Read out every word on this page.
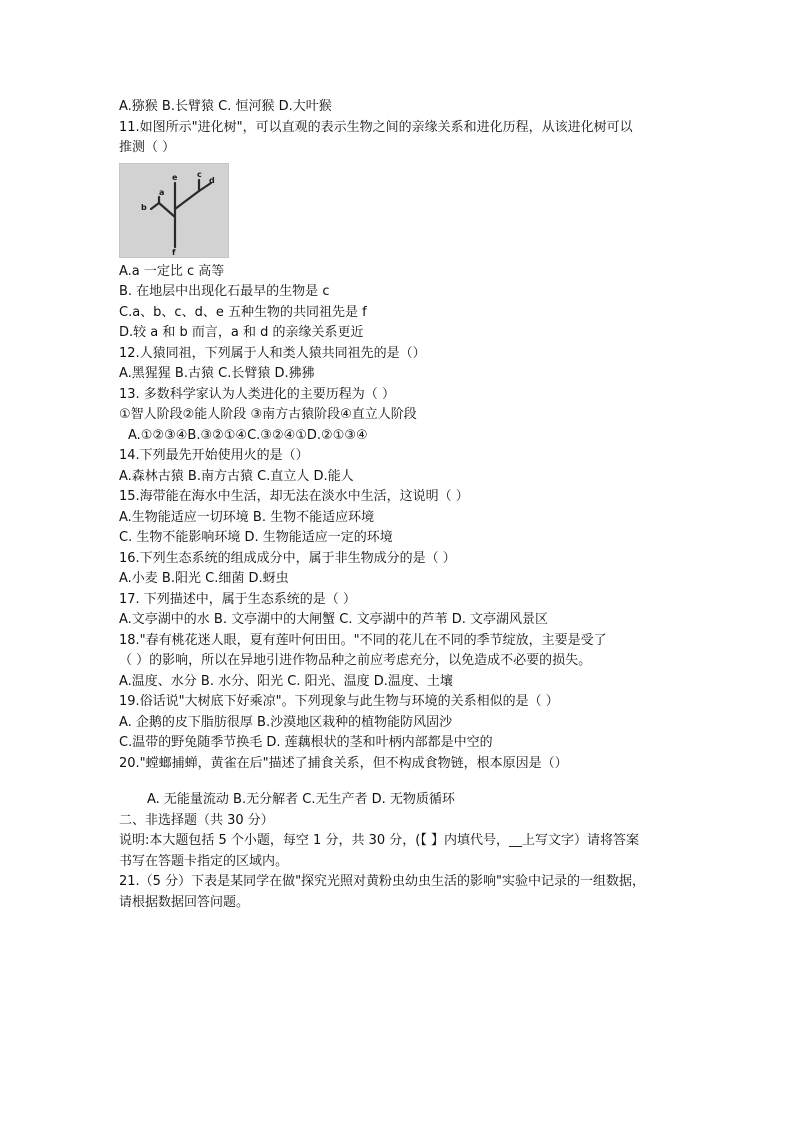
A.猕猴 B.长臂猿 C. 恒河猴 D.大叶猴

11.如图所示"进化树"，可以直观的表示生物之间的亲缘关系和进化历程，从该进化树可以

推测（ ）

a
b
c
d
e
f

A.a 一定比 c 高等

B. 在地层中出现化石最早的生物是 c

C.a、b、c、d、e 五种生物的共同祖先是 f

D.较 a 和 b 而言，a 和 d 的亲缘关系更近

12.人猿同祖，下列属于人和类人猿共同祖先的是（）

A.黑猩猩 B.古猿 C.长臂猿 D.狒狒

13. 多数科学家认为人类进化的主要历程为（ ）

①智人阶段②能人阶段 ③南方古猿阶段④直立人阶段

A.①②③④B.③②①④C.③②④①D.②①③④

14.下列最先开始使用火的是（）

A.森林古猿 B.南方古猿 C.直立人 D.能人

15.海带能在海水中生活，却无法在淡水中生活，这说明（ ）

A.生物能适应一切环境 B. 生物不能适应环境

C. 生物不能影响环境 D. 生物能适应一定的环境

16.下列生态系统的组成成分中，属于非生物成分的是（ ）

A.小麦 B.阳光 C.细菌 D.蚜虫

17. 下列描述中，属于生态系统的是（ ）

A.文亭湖中的水 B. 文亭湖中的大闸蟹 C. 文亭湖中的芦苇 D. 文亭湖风景区

18."春有桃花迷人眼，夏有莲叶何田田。"不同的花儿在不同的季节绽放，主要是受了

（ ）的影响，所以在异地引进作物品种之前应考虑充分，以免造成不必要的损失。

A.温度、水分 B. 水分、阳光 C. 阳光、温度 D.温度、土壤

19.俗话说"大树底下好乘凉"。下列现象与此生物与环境的关系相似的是（ ）

A. 企鹅的皮下脂肪很厚 B.沙漠地区栽种的植物能防风固沙

C.温带的野兔随季节换毛 D. 莲藕根状的茎和叶柄内部都是中空的

20."螳螂捕蝉，黄雀在后"描述了捕食关系，但不构成食物链，根本原因是（）

A. 无能量流动 B.无分解者 C.无生产者 D. 无物质循环

二、非选择题（共 30 分）

说明:本大题包括 5 个小题，每空 1 分，共 30 分，(【 】内填代号，__上写文字）请将答案

书写在答题卡指定的区域内。

21.（5 分）下表是某同学在做"探究光照对黄粉虫幼虫生活的影响"实验中记录的一组数据，

请根据数据回答问题。
